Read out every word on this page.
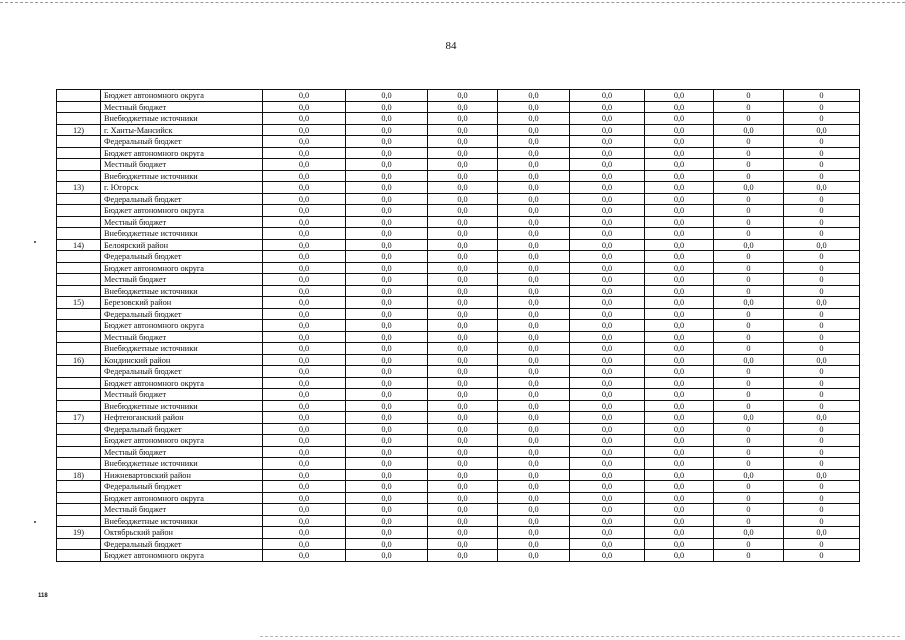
84
	Бюджет автономного округа	0,0	0,0	0,0	0,0	0,0	0,0	0	0
	Местный бюджет	0,0	0,0	0,0	0,0	0,0	0,0	0	0
	Внебюджетные источники	0,0	0,0	0,0	0,0	0,0	0,0	0	0
12)	г. Ханты-Мансийск	0,0	0,0	0,0	0,0	0,0	0,0	0,0	0,0
	Федеральный бюджет	0,0	0,0	0,0	0,0	0,0	0,0	0	0
	Бюджет автономного округа	0,0	0,0	0,0	0,0	0,0	0,0	0	0
	Местный бюджет	0,0	0,0	0,0	0,0	0,0	0,0	0	0
	Внебюджетные источники	0,0	0,0	0,0	0,0	0,0	0,0	0	0
13)	г. Югорск	0,0	0,0	0,0	0,0	0,0	0,0	0,0	0,0
	Федеральный бюджет	0,0	0,0	0,0	0,0	0,0	0,0	0	0
	Бюджет автономного округа	0,0	0,0	0,0	0,0	0,0	0,0	0	0
	Местный бюджет	0,0	0,0	0,0	0,0	0,0	0,0	0	0
	Внебюджетные источники	0,0	0,0	0,0	0,0	0,0	0,0	0	0
14)	Белоярский район	0,0	0,0	0,0	0,0	0,0	0,0	0,0	0,0
	Федеральный бюджет	0,0	0,0	0,0	0,0	0,0	0,0	0	0
	Бюджет автономного округа	0,0	0,0	0,0	0,0	0,0	0,0	0	0
	Местный бюджет	0,0	0,0	0,0	0,0	0,0	0,0	0	0
	Внебюджетные источники	0,0	0,0	0,0	0,0	0,0	0,0	0	0
15)	Березовский район	0,0	0,0	0,0	0,0	0,0	0,0	0,0	0,0
	Федеральный бюджет	0,0	0,0	0,0	0,0	0,0	0,0	0	0
	Бюджет автономного округа	0,0	0,0	0,0	0,0	0,0	0,0	0	0
	Местный бюджет	0,0	0,0	0,0	0,0	0,0	0,0	0	0
	Внебюджетные источники	0,0	0,0	0,0	0,0	0,0	0,0	0	0
16)	Кондинский район	0,0	0,0	0,0	0,0	0,0	0,0	0,0	0,0
	Федеральный бюджет	0,0	0,0	0,0	0,0	0,0	0,0	0	0
	Бюджет автономного округа	0,0	0,0	0,0	0,0	0,0	0,0	0	0
	Местный бюджет	0,0	0,0	0,0	0,0	0,0	0,0	0	0
	Внебюджетные источники	0,0	0,0	0,0	0,0	0,0	0,0	0	0
17)	Нефтеюганский район	0,0	0,0	0,0	0,0	0,0	0,0	0,0	0,0
	Федеральный бюджет	0,0	0,0	0,0	0,0	0,0	0,0	0	0
	Бюджет автономного округа	0,0	0,0	0,0	0,0	0,0	0,0	0	0
	Местный бюджет	0,0	0,0	0,0	0,0	0,0	0,0	0	0
	Внебюджетные источники	0,0	0,0	0,0	0,0	0,0	0,0	0	0
18)	Нижневартовский район	0,0	0,0	0,0	0,0	0,0	0,0	0,0	0,0
	Федеральный бюджет	0,0	0,0	0,0	0,0	0,0	0,0	0	0
	Бюджет автономного округа	0,0	0,0	0,0	0,0	0,0	0,0	0	0
	Местный бюджет	0,0	0,0	0,0	0,0	0,0	0,0	0	0
	Внебюджетные источники	0,0	0,0	0,0	0,0	0,0	0,0	0	0
19)	Октябрьский район	0,0	0,0	0,0	0,0	0,0	0,0	0,0	0,0
	Федеральный бюджет	0,0	0,0	0,0	0,0	0,0	0,0	0	0
	Бюджет автономного округа	0,0	0,0	0,0	0,0	0,0	0,0	0	0
118
